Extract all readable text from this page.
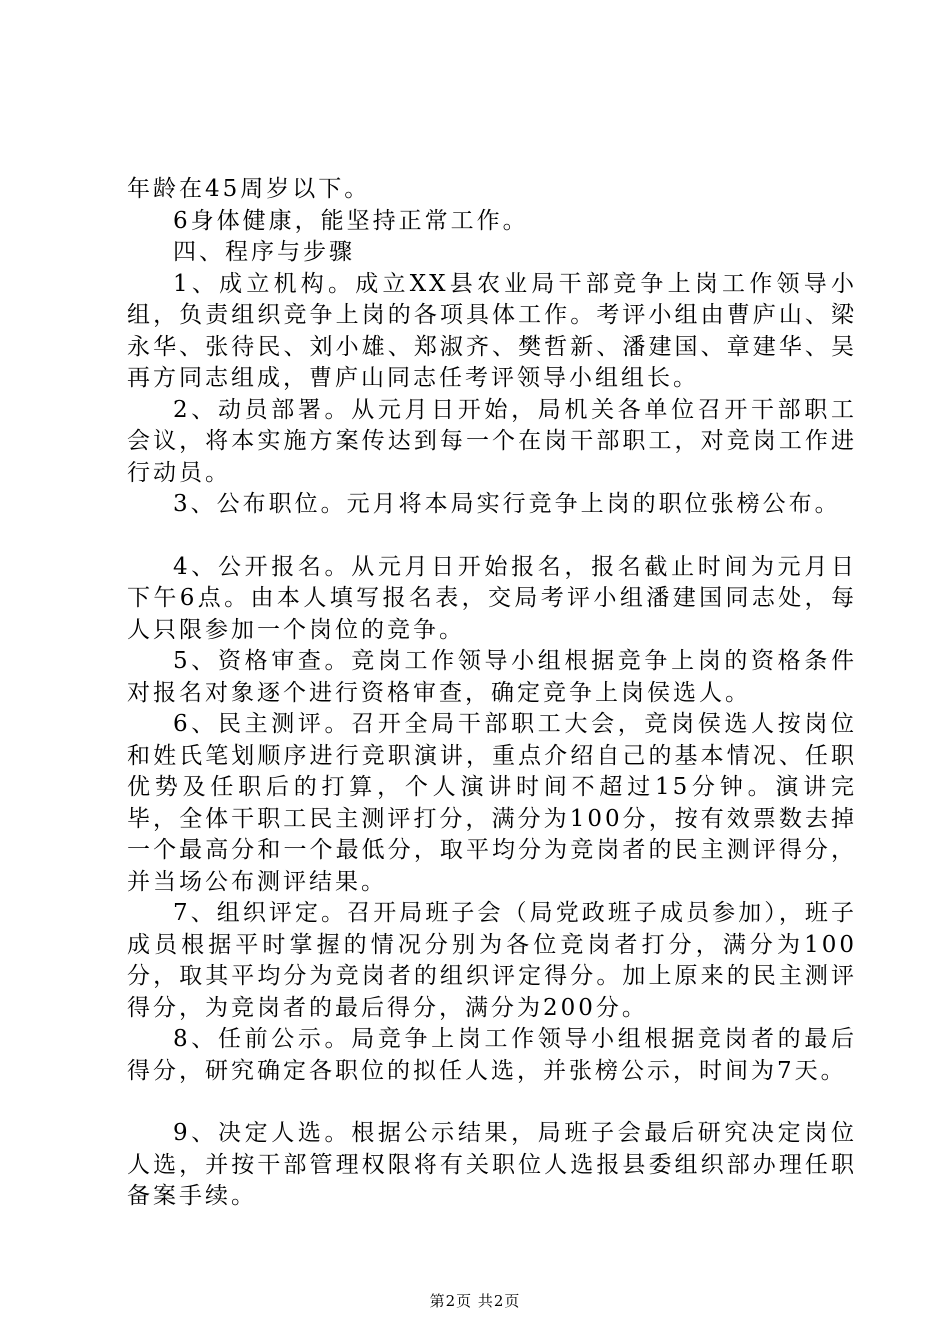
年龄在45周岁以下。

6身体健康，能坚持正常工作。

四、程序与步骤

1、成立机构。成立XX县农业局干部竞争上岗工作领导小组，负责组织竞争上岗的各项具体工作。考评小组由曹庐山、梁永华、张待民、刘小雄、郑淑齐、樊哲新、潘建国、章建华、吴再方同志组成，曹庐山同志任考评领导小组组长。

2、动员部署。从元月日开始，局机关各单位召开干部职工会议，将本实施方案传达到每一个在岗干部职工，对竞岗工作进行动员。

3、公布职位。元月将本局实行竞争上岗的职位张榜公布。

4、公开报名。从元月日开始报名，报名截止时间为元月日下午6点。由本人填写报名表，交局考评小组潘建国同志处，每人只限参加一个岗位的竞争。

5、资格审查。竞岗工作领导小组根据竞争上岗的资格条件对报名对象逐个进行资格审查，确定竞争上岗侯选人。

6、民主测评。召开全局干部职工大会，竞岗侯选人按岗位和姓氏笔划顺序进行竞职演讲，重点介绍自己的基本情况、任职优势及任职后的打算，个人演讲时间不超过15分钟。演讲完毕，全体干职工民主测评打分，满分为100分，按有效票数去掉一个最高分和一个最低分，取平均分为竞岗者的民主测评得分，并当场公布测评结果。

7、组织评定。召开局班子会（局党政班子成员参加），班子成员根据平时掌握的情况分别为各位竞岗者打分，满分为100分，取其平均分为竞岗者的组织评定得分。加上原来的民主测评得分，为竞岗者的最后得分，满分为200分。

8、任前公示。局竞争上岗工作领导小组根据竞岗者的最后得分，研究确定各职位的拟任人选，并张榜公示，时间为7天。

9、决定人选。根据公示结果，局班子会最后研究决定岗位人选，并按干部管理权限将有关职位人选报县委组织部办理任职备案手续。

第2页 共2页
